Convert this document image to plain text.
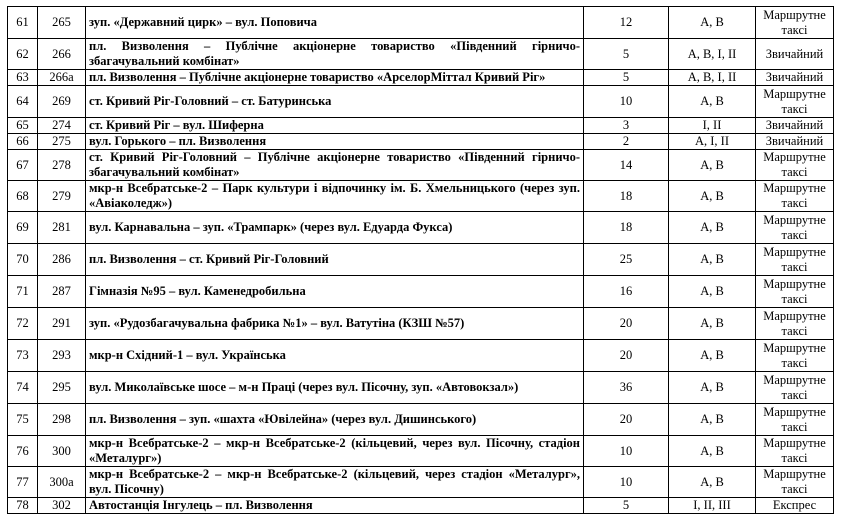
61	265	зуп. «Державний цирк» – вул. Поповича	12	А, В	Маршрутне таксі
62	266	пл. Визволення – Публічне акціонерне товариство «Південний гірничо-збагачувальний комбінат»	5	А, В, І, ІІ	Звичайний
63	266а	пл. Визволення – Публічне акціонерне товариство «АрселорМіттал Кривий Ріг»	5	А, В, І, ІІ	Звичайний
64	269	ст. Кривий Ріг-Головний – ст. Батуринська	10	А, В	Маршрутне таксі
65	274	ст. Кривий Ріг – вул. Шиферна	3	І, ІІ	Звичайний
66	275	вул. Горького – пл. Визволення	2	А, І, ІІ	Звичайний
67	278	ст. Кривий Ріг-Головний – Публічне акціонерне товариство «Південний гірничо-збагачувальний комбінат»	14	А, В	Маршрутне таксі
68	279	мкр-н Всебратське-2 – Парк культури і відпочинку ім. Б. Хмельницького (через зуп. «Авіаколедж»)	18	А, В	Маршрутне таксі
69	281	вул. Карнавальна – зуп. «Трампарк» (через вул. Едуарда Фукса)	18	А, В	Маршрутне таксі
70	286	пл. Визволення – ст. Кривий Ріг-Головний	25	А, В	Маршрутне таксі
71	287	Гімназія №95 – вул. Каменедробильна	16	А, В	Маршрутне таксі
72	291	зуп. «Рудозбагачувальна фабрика №1» – вул. Ватутіна (КЗШ №57)	20	А, В	Маршрутне таксі
73	293	мкр-н Східний-1 – вул. Українська	20	А, В	Маршрутне таксі
74	295	вул. Миколаївське шосе – м-н Праці (через вул. Пісочну, зуп. «Автовокзал»)	36	А, В	Маршрутне таксі
75	298	пл. Визволення – зуп. «шахта «Ювілейна» (через вул. Дишинського)	20	А, В	Маршрутне таксі
76	300	мкр-н Всебратське-2 – мкр-н Всебратське-2 (кільцевий, через вул. Пісочну, стадіон «Металург»)	10	А, В	Маршрутне таксі
77	300а	мкр-н Всебратське-2 – мкр-н Всебратське-2 (кільцевий, через стадіон «Металург», вул. Пісочну)	10	А, В	Маршрутне таксі
78	302	Автостанція Інгулець – пл. Визволення	5	І, ІІ, ІІІ	Експрес
